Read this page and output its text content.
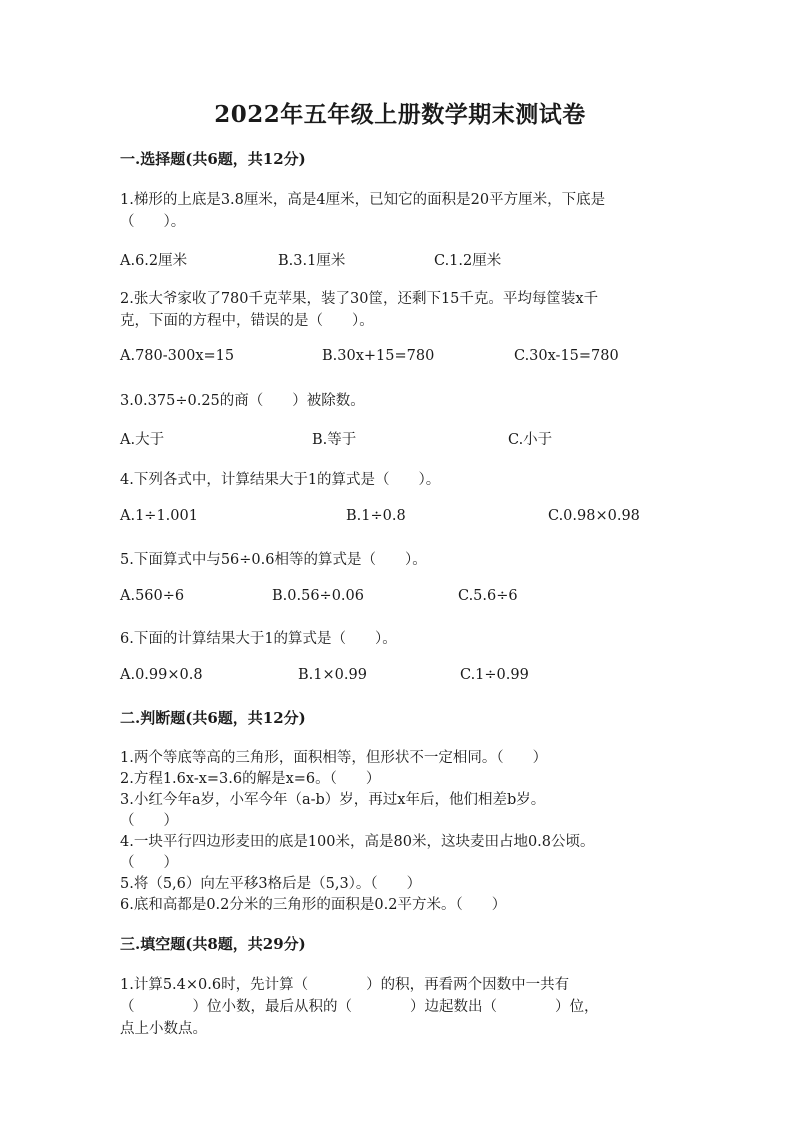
2022年五年级上册数学期末测试卷
一.选择题(共6题，共12分)
1.梯形的上底是3.8厘米，高是4厘米，已知它的面积是20平方厘米，下底是
（　　）。
A.6.2厘米	B.3.1厘米	C.1.2厘米
2.张大爷家收了780千克苹果，装了30筐，还剩下15千克。平均每筐装x千
克，下面的方程中，错误的是（　　）。
A.780-300x=15	B.30x+15=780	C.30x-15=780
3.0.375÷0.25的商（　　）被除数。
A.大于	B.等于	C.小于
4.下列各式中，计算结果大于1的算式是（　　）。
A.1÷1.001	B.1÷0.8	C.0.98×0.98
5.下面算式中与56÷0.6相等的算式是（　　）。
A.560÷6	B.0.56÷0.06	C.5.6÷6
6.下面的计算结果大于1的算式是（　　）。
A.0.99×0.8	B.1×0.99	C.1÷0.99
二.判断题(共6题，共12分)
1.两个等底等高的三角形，面积相等，但形状不一定相同。（　　）
2.方程1.6x-x=3.6的解是x=6。（　　）
3.小红今年a岁，小军今年（a-b）岁，再过x年后，他们相差b岁。
（　　）
4.一块平行四边形麦田的底是100米，高是80米，这块麦田占地0.8公顷。
（　　）
5.将（5,6）向左平移3格后是（5,3）。（　　）
6.底和高都是0.2分米的三角形的面积是0.2平方米。（　　）
三.填空题(共8题，共29分)
1.计算5.4×0.6时，先计算（　　　　）的积，再看两个因数中一共有
（　　　　）位小数，最后从积的（　　　　）边起数出（　　　　）位，
点上小数点。
